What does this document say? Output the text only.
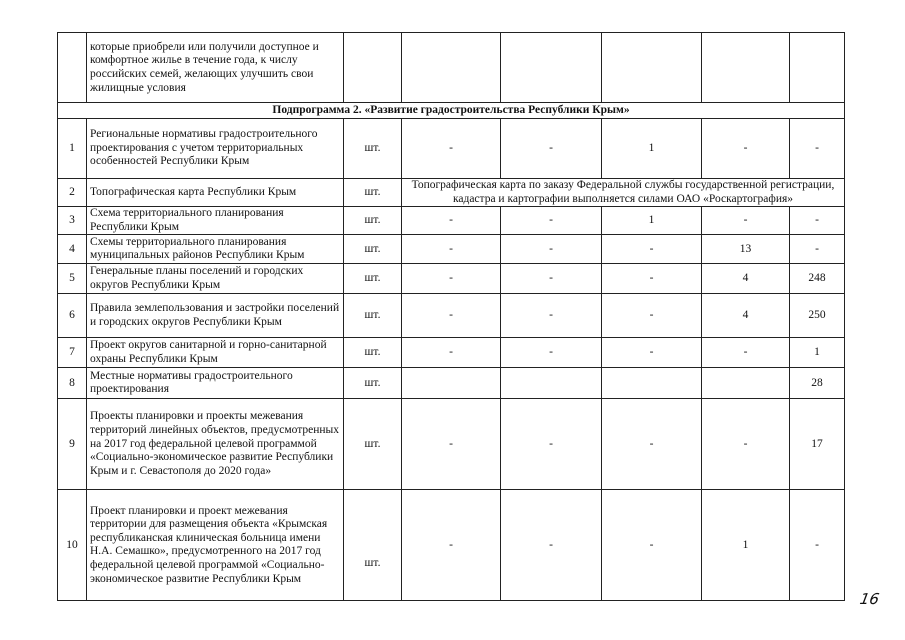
	которые приобрели или получили доступное и комфортное жилье в течение года, к числу российских семей, желающих улучшить свои жилищные условия						
Подпрограмма 2. «Развитие градостроительства Республики Крым»							
1	Региональные нормативы градостроительного проектирования с учетом территориальных особенностей Республики Крым	шт.	-	-	1	-	-
2	Топографическая карта Республики Крым	шт.	Топографическая карта по заказу Федеральной службы государственной регистрации, кадастра и картографии выполняется силами ОАО «Роскартография»				
3	Схема территориального планирования Республики Крым	шт.	-	-	1	-	-
4	Схемы территориального планирования муниципальных районов Республики Крым	шт.	-	-	-	13	-
5	Генеральные планы поселений и городских округов Республики Крым	шт.	-	-	-	4	248
6	Правила землепользования и застройки поселений и городских округов Республики Крым	шт.	-	-	-	4	250
7	Проект округов санитарной и горно-санитарной охраны Республики Крым	шт.	-	-	-	-	1
8	Местные нормативы градостроительного проектирования	шт.					28
9	Проекты планировки и проекты межевания территорий линейных объектов, предусмотренных на 2017 год федеральной целевой программой «Социально-экономическое развитие Республики Крым и г. Севастополя до 2020 года»	шт.	-	-	-	-	17
10	Проект планировки и проект межевания территории для размещения объекта «Крымская республиканская клиническая больница имени Н.А. Семашко», предусмотренного на 2017 год федеральной целевой программой «Социально-экономическое развитие Республики Крым	шт.	-	-	-	1	-
16
